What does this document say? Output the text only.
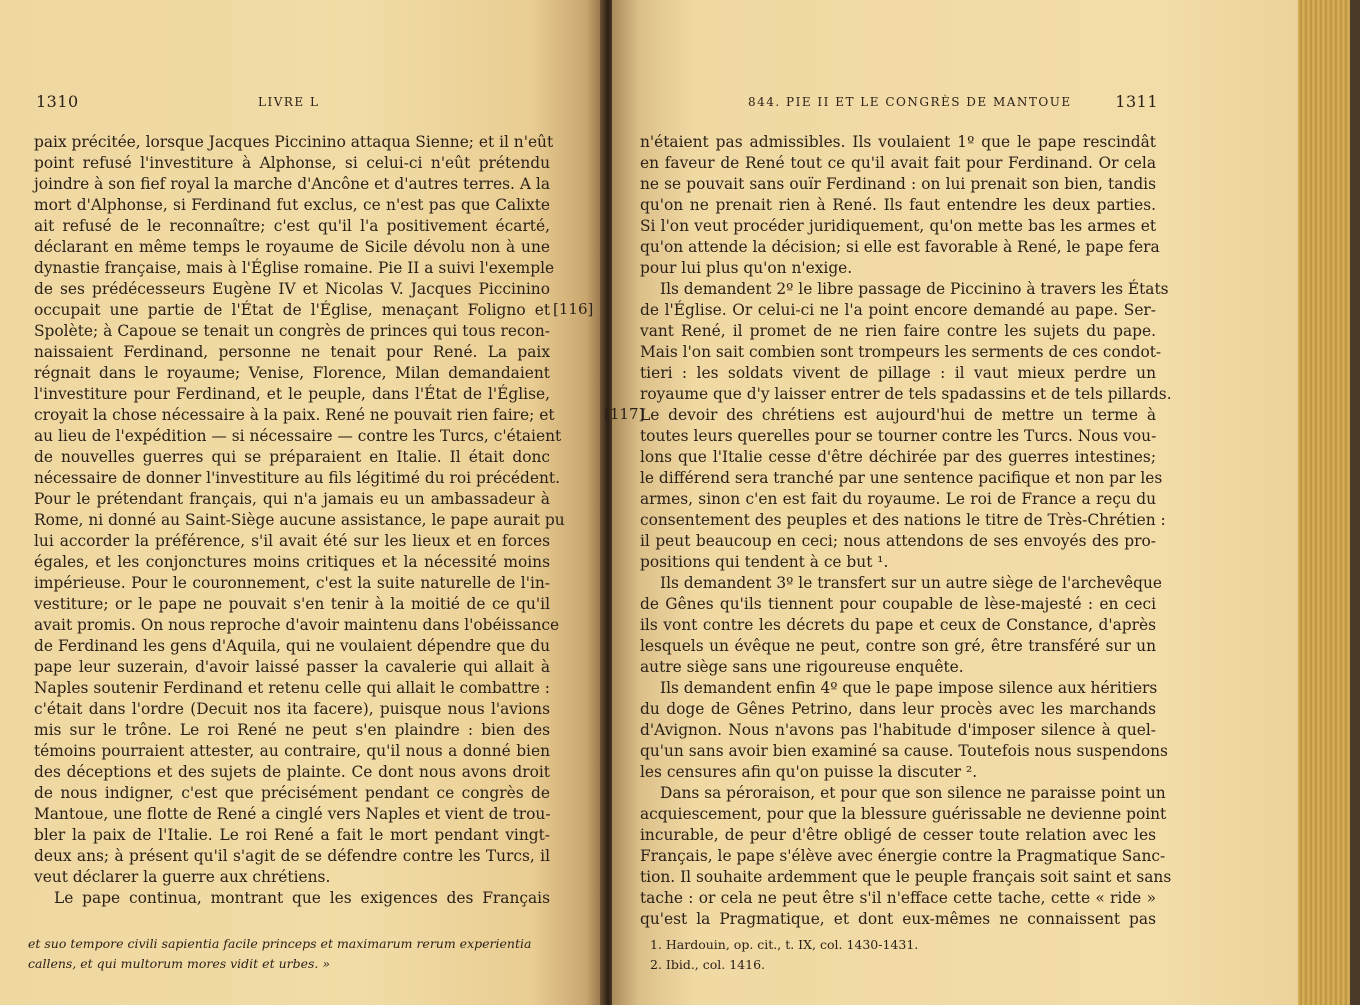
1310	LIVRE L
paix précitée, lorsque Jacques Piccinino attaqua Sienne; et il n'eût
point refusé l'investiture à Alphonse, si celui-ci n'eût prétendu
joindre à son fief royal la marche d'Ancône et d'autres terres. A la
mort d'Alphonse, si Ferdinand fut exclus, ce n'est pas que Calixte
ait refusé de le reconnaître; c'est qu'il l'a positivement écarté,
déclarant en même temps le royaume de Sicile dévolu non à une
dynastie française, mais à l'Église romaine. Pie II a suivi l'exemple
de ses prédécesseurs Eugène IV et Nicolas V. Jacques Piccinino
occupait une partie de l'État de l'Église, menaçant Foligno et
Spolète; à Capoue se tenait un congrès de princes qui tous recon-
naissaient Ferdinand, personne ne tenait pour René. La paix
régnait dans le royaume; Venise, Florence, Milan demandaient
l'investiture pour Ferdinand, et le peuple, dans l'État de l'Église,
croyait la chose nécessaire à la paix. René ne pouvait rien faire; et
au lieu de l'expédition — si nécessaire — contre les Turcs, c'étaient
de nouvelles guerres qui se préparaient en Italie. Il était donc
nécessaire de donner l'investiture au fils légitimé du roi précédent.
Pour le prétendant français, qui n'a jamais eu un ambassadeur à
Rome, ni donné au Saint-Siège aucune assistance, le pape aurait pu
lui accorder la préférence, s'il avait été sur les lieux et en forces
égales, et les conjonctures moins critiques et la nécessité moins
impérieuse. Pour le couronnement, c'est la suite naturelle de l'in-
vestiture; or le pape ne pouvait s'en tenir à la moitié de ce qu'il
avait promis. On nous reproche d'avoir maintenu dans l'obéissance
de Ferdinand les gens d'Aquila, qui ne voulaient dépendre que du
pape leur suzerain, d'avoir laissé passer la cavalerie qui allait à
Naples soutenir Ferdinand et retenu celle qui allait le combattre :
c'était dans l'ordre (Decuit nos ita facere), puisque nous l'avions
mis sur le trône. Le roi René ne peut s'en plaindre : bien des
témoins pourraient attester, au contraire, qu'il nous a donné bien
des déceptions et des sujets de plainte. Ce dont nous avons droit
de nous indigner, c'est que précisément pendant ce congrès de
Mantoue, une flotte de René a cinglé vers Naples et vient de trou-
bler la paix de l'Italie. Le roi René a fait le mort pendant vingt-
deux ans; à présent qu'il s'agit de se défendre contre les Turcs, il
veut déclarer la guerre aux chrétiens.
Le pape continua, montrant que les exigences des Français
[116]
et suo tempore civili sapientia facile princeps et maximarum rerum experientia
callens, et qui multorum mores vidit et urbes. »
844. PIE II ET LE CONGRÈS DE MANTOUE	1311
n'étaient pas admissibles. Ils voulaient 1º que le pape rescindât
en faveur de René tout ce qu'il avait fait pour Ferdinand. Or cela
ne se pouvait sans ouïr Ferdinand : on lui prenait son bien, tandis
qu'on ne prenait rien à René. Ils faut entendre les deux parties.
Si l'on veut procéder juridiquement, qu'on mette bas les armes et
qu'on attende la décision; si elle est favorable à René, le pape fera
pour lui plus qu'on n'exige.
Ils demandent 2º le libre passage de Piccinino à travers les États
de l'Église. Or celui-ci ne l'a point encore demandé au pape. Ser-
vant René, il promet de ne rien faire contre les sujets du pape.
Mais l'on sait combien sont trompeurs les serments de ces condot-
tieri : les soldats vivent de pillage : il vaut mieux perdre un
royaume que d'y laisser entrer de tels spadassins et de tels pillards.
Le devoir des chrétiens est aujourd'hui de mettre un terme à
toutes leurs querelles pour se tourner contre les Turcs. Nous vou-
lons que l'Italie cesse d'être déchirée par des guerres intestines;
le différend sera tranché par une sentence pacifique et non par les
armes, sinon c'en est fait du royaume. Le roi de France a reçu du
consentement des peuples et des nations le titre de Très-Chrétien :
il peut beaucoup en ceci; nous attendons de ses envoyés des pro-
positions qui tendent à ce but ¹.
Ils demandent 3º le transfert sur un autre siège de l'archevêque
de Gênes qu'ils tiennent pour coupable de lèse-majesté : en ceci
ils vont contre les décrets du pape et ceux de Constance, d'après
lesquels un évêque ne peut, contre son gré, être transféré sur un
autre siège sans une rigoureuse enquête.
Ils demandent enfin 4º que le pape impose silence aux héritiers
du doge de Gênes Petrino, dans leur procès avec les marchands
d'Avignon. Nous n'avons pas l'habitude d'imposer silence à quel-
qu'un sans avoir bien examiné sa cause. Toutefois nous suspendons
les censures afin qu'on puisse la discuter ².
Dans sa péroraison, et pour que son silence ne paraisse point un
acquiescement, pour que la blessure guérissable ne devienne point
incurable, de peur d'être obligé de cesser toute relation avec les
Français, le pape s'élève avec énergie contre la Pragmatique Sanc-
tion. Il souhaite ardemment que le peuple français soit saint et sans
tache : or cela ne peut être s'il n'efface cette tache, cette « ride »
qu'est la Pragmatique, et dont eux-mêmes ne connaissent pas
[117]
1. Hardouin, op. cit., t. IX, col. 1430-1431.
2. Ibid., col. 1416.
